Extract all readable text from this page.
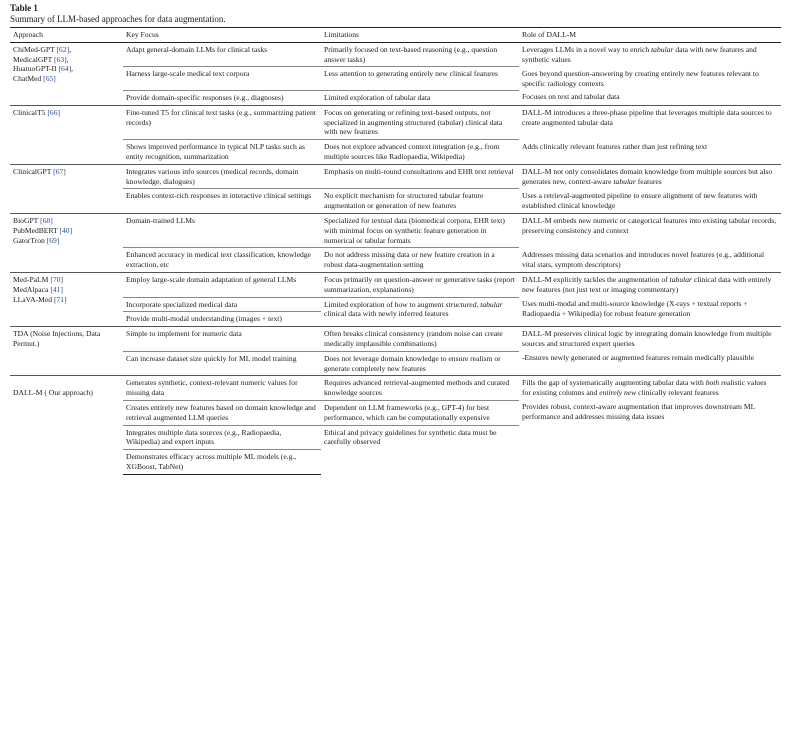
Table 1
Summary of LLM-based approaches for data augmentation.
Approach	Key Focus	Limitations	Role of DALL-M
ChiMed-GPT [62],
MedicalGPT [63],
HuatuoGPT-II [64],
ChatMed [65]	Adapt general-domain LLMs for clinical tasks	Primarily focused on text-based reasoning (e.g., question answer tasks)	Leverages LLMs in a novel way to enrich tabular data with new features and synthetic values
	Harness large-scale medical text corpora	Less attention to generating entirely new clinical features	Goes beyond question-answering by creating entirely new features relevant to specific radiology contexts
	Provide domain-specific responses (e.g., diagnoses)	Limited exploration of tabular data	Focuses on text and tabular data
ClinicalT5 [66]	Fine-tuned T5 for clinical text tasks (e.g., summarizing patient records)	Focus on generating or refining text-based outputs, not specialized in augmenting structured (tabular) clinical data with new features	DALL-M introduces a three-phase pipeline that leverages multiple data sources to create augmented tabular data
	Shows improved performance in typical NLP tasks such as entity recognition, summarization	Does not explore advanced context integration (e.g., from multiple sources like Radiopaedia, Wikipedia)	Adds clinically relevant features rather than just refining text
ClinicalGPT [67]	Integrates various info sources (medical records, domain knowledge, dialogues)	Emphasis on multi-round consultations and EHR text retrieval	DALL-M not only consolidates domain knowledge from multiple sources but also generates new, context-aware tabular features
	Enables context-rich responses in interactive clinical settings	No explicit mechanism for structured tabular feature augmentation or generation of new features	Uses a retrieval-augmented pipeline to ensure alignment of new features with established clinical knowledge
BioGPT [68]
PubMedBERT [40]
GatorTron [69]	Domain-trained LLMs	Specialized for textual data (biomedical corpora, EHR text) with minimal focus on synthetic feature generation in numerical or tabular formats	DALL-M embeds new numeric or categorical features into existing tabular records, preserving consistency and context
	Enhanced accuracy in medical text classification, knowledge extraction, etc	Do not address missing data or new feature creation in a robust data-augmentation setting	Addresses missing data scenarios and introduces novel features (e.g., additional vital stats, symptom descriptors)
Med-PaLM [70]
MedAlpaca [41]
LLaVA-Med [71]	Employ large-scale domain adaptation of general LLMs	Focus primarily on question-answer or generative tasks (report summarization, explanations)	DALL-M explicitly tackles the augmentation of tabular clinical data with entirely new features (not just text or imaging commentary)
	Incorporate specialized medical data	Limited exploration of how to augment structured, tabular clinical data with newly inferred features	Uses multi-modal and multi-source knowledge (X-rays + textual reports + Radiopaedia + Wikipedia) for robust feature generation
	Provide multi-modal understanding (images + text)		
TDA (Noise Injections, Data Permut.)	Simple to implement for numeric data	Often breaks clinical consistency (random noise can create medically implausible combinations)	DALL-M preserves clinical logic by integrating domain knowledge from multiple sources and structured expert queries
	Can increase dataset size quickly for ML model training	Does not leverage domain knowledge to ensure realism or generate completely new features	-Ensures newly generated or augmented features remain medically plausible
DALL-M ( Our approach)	Generates synthetic, context-relevant numeric values for missing data	Requires advanced retrieval-augmented methods and curated knowledge sources	Fills the gap of systematically augmenting tabular data with both realistic values for existing columns and entirely new clinically relevant features
	Creates entirely new features based on domain knowledge and retrieval augmented LLM queries	Dependent on LLM frameworks (e.g., GPT-4) for best performance, which can be computationally expensive	Provides robust, context-aware augmentation that improves downstream ML performance and addresses missing data issues
	Integrates multiple data sources (e.g., Radiopaedia, Wikipedia) and expert inputs	Ethical and privacy guidelines for synthetic data must be carefully observed	
	Demonstrates efficacy across multiple ML models (e.g., XGBoost, TabNet)		
